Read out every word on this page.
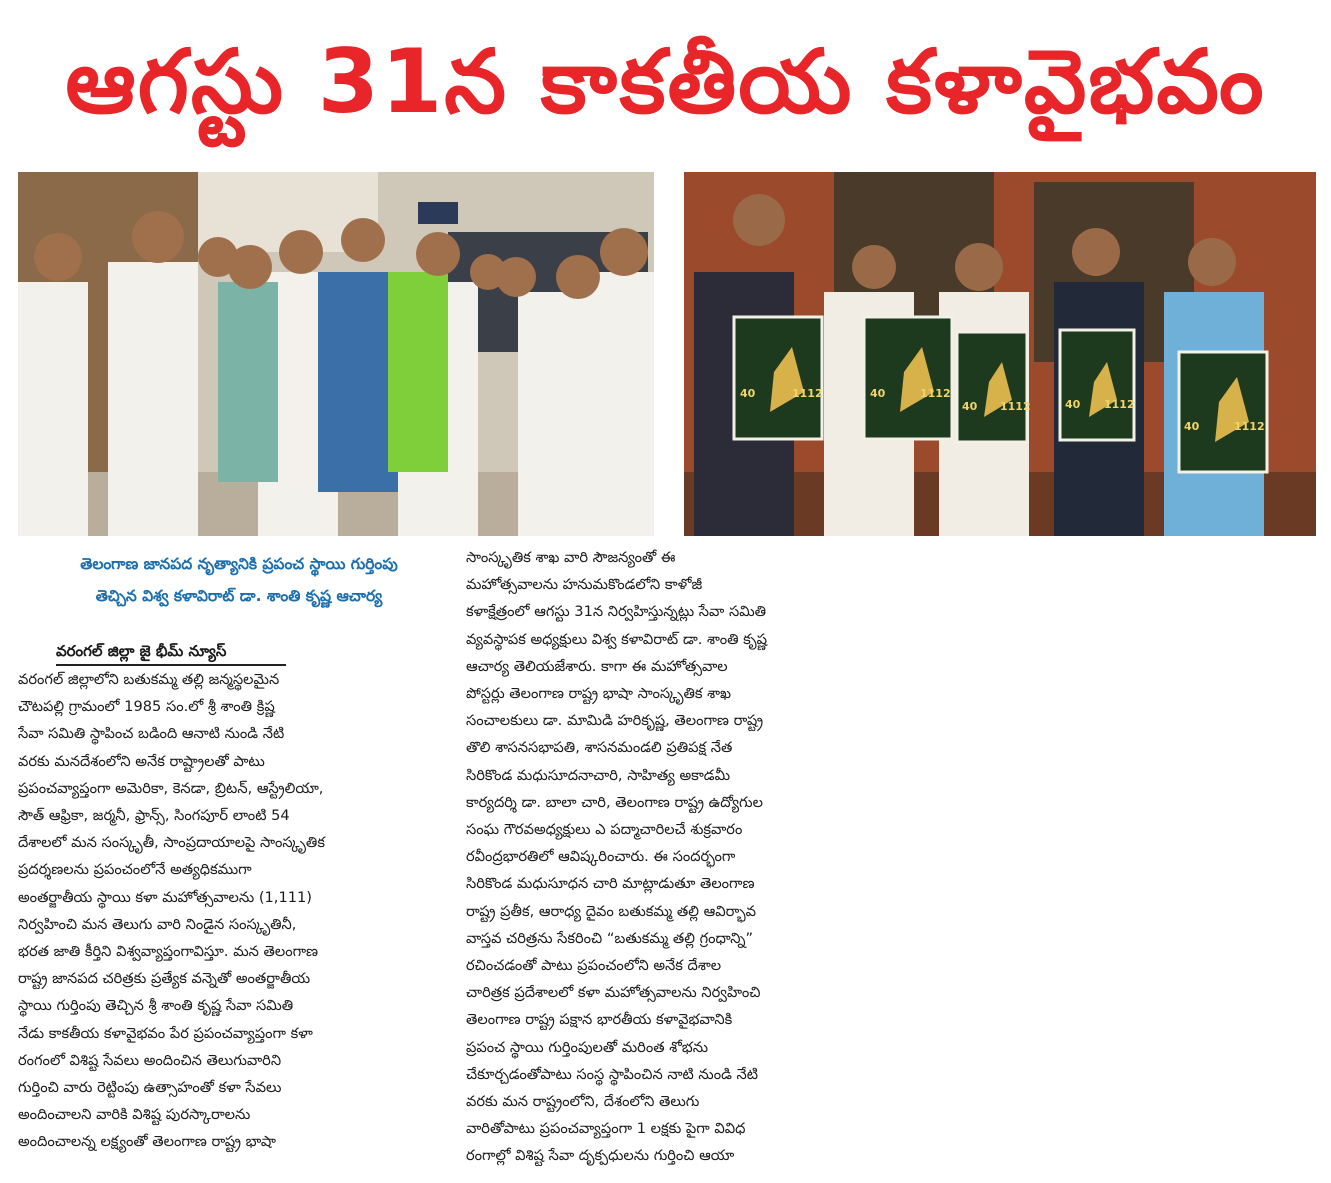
ఆగస్టు 31న కాకతీయ కళావైభవం
40	1112	40	1112
40 1112	40 1112
40	1112
తెలంగాణ జానపద నృత్యానికి ప్రపంచ స్థాయి గుర్తింపు
తెచ్చిన విశ్వ కళావిరాట్ డా. శాంతి కృష్ణ ఆచార్య
వరంగల్ జిల్లా జై భీమ్ న్యూస్
వరంగల్ జిల్లాలోని బతుకమ్మ తల్లి జన్మస్థలమైన
చౌటపల్లి గ్రామంలో 1985 సం.లో శ్రీ శాంతి క్రిష్ణ
సేవా సమితి స్థాపించ బడింది ఆనాటి నుండి నేటి
వరకు మనదేశంలోని అనేక రాష్ట్రాలతో పాటు
ప్రపంచవ్యాప్తంగా అమెరికా, కెనడా, బ్రిటన్, ఆస్ట్రేలియా,
సౌత్ ఆఫ్రికా, జర్మనీ, ఫ్రాన్స్, సింగపూర్ లాంటి 54
దేశాలలో మన సంస్కృతీ, సాంప్రదాయాలపై సాంస్కృతిక
ప్రదర్శణలను ప్రపంచంలోనే అత్యధికముగా
అంతర్జాతీయ స్థాయి కళా మహోత్సవాలను (1,111)
నిర్వహించి మన తెలుగు వారి నిండైన సంస్కృతినీ,
భరత జాతి కీర్తిని విశ్వవ్యాప్తంగావిస్తూ. మన తెలంగాణ
రాష్ట్ర జానపద చరిత్రకు ప్రత్యేక వన్నెతో అంతర్జాతీయ
స్థాయి గుర్తింపు తెచ్చిన శ్రీ శాంతి కృష్ణ సేవా సమితి
నేడు కాకతీయ కళావైభవం పేర ప్రపంచవ్యాప్తంగా కళా
రంగంలో విశిష్ట సేవలు అందించిన తెలుగువారిని
గుర్తించి వారు రెట్టింపు ఉత్సాహంతో కళా సేవలు
అందించాలని వారికి విశిష్ట పురస్కారాలను
అందించాలన్న లక్ష్యంతో తెలంగాణ రాష్ట్ర భాషా
సాంస్కృతిక శాఖ వారి సౌజన్యంతో ఈ
మహోత్సవాలను హనుమకొండలోని కాళోజీ
కళాక్షేత్రంలో ఆగస్టు 31న నిర్వహిస్తున్నట్లు సేవా సమితి
వ్యవస్థాపక అధ్యక్షులు విశ్వ కళావిరాట్ డా. శాంతి కృష్ణ
ఆచార్య తెలియజేశారు. కాగా ఈ మహోత్సవాల
పోస్టర్లు తెలంగాణ రాష్ట్ర భాషా సాంస్కృతిక శాఖ
సంచాలకులు డా. మామిడి హరికృష్ణ, తెలంగాణ రాష్ట్ర
తొలి శాసనసభాపతి, శాసనమండలి ప్రతిపక్ష నేత
సిరికొండ మధుసూదనాచారి, సాహిత్య అకాడమీ
కార్యదర్శి డా. బాలా చారి, తెలంగాణ రాష్ట్ర ఉద్యోగుల
సంఘ గౌరవఅధ్యక్షులు ఎ పద్మాచారిలచే శుక్రవారం
రవీంద్రభారతిలో ఆవిష్కరించారు. ఈ సందర్భంగా
సిరికొండ మధుసూధన చారి మాట్లాడుతూ తెలంగాణ
రాష్ట్ర ప్రతీక, ఆరాధ్య దైవం బతుకమ్మ తల్లి ఆవిర్భావ
వాస్తవ చరిత్రను సేకరించి “బతుకమ్మ తల్లి గ్రంధాన్ని”
రచించడంతో పాటు ప్రపంచంలోని అనేక దేశాల
చారిత్రక ప్రదేశాలలో కళా మహోత్సవాలను నిర్వహించి
తెలంగాణ రాష్ట్ర పక్షాన భారతీయ కళావైభవానికి
ప్రపంచ స్థాయి గుర్తింపులతో మరింత శోభను
చేకూర్చడంతోపాటు సంస్థ స్థాపించిన నాటి నుండి నేటి
వరకు మన రాష్ట్రంలోని, దేశంలోని తెలుగు
వారితోపాటు ప్రపంచవ్యాప్తంగా 1 లక్షకు పైగా వివిధ
రంగాల్లో విశిష్ట సేవా దృక్పధులను గుర్తించి ఆయా
